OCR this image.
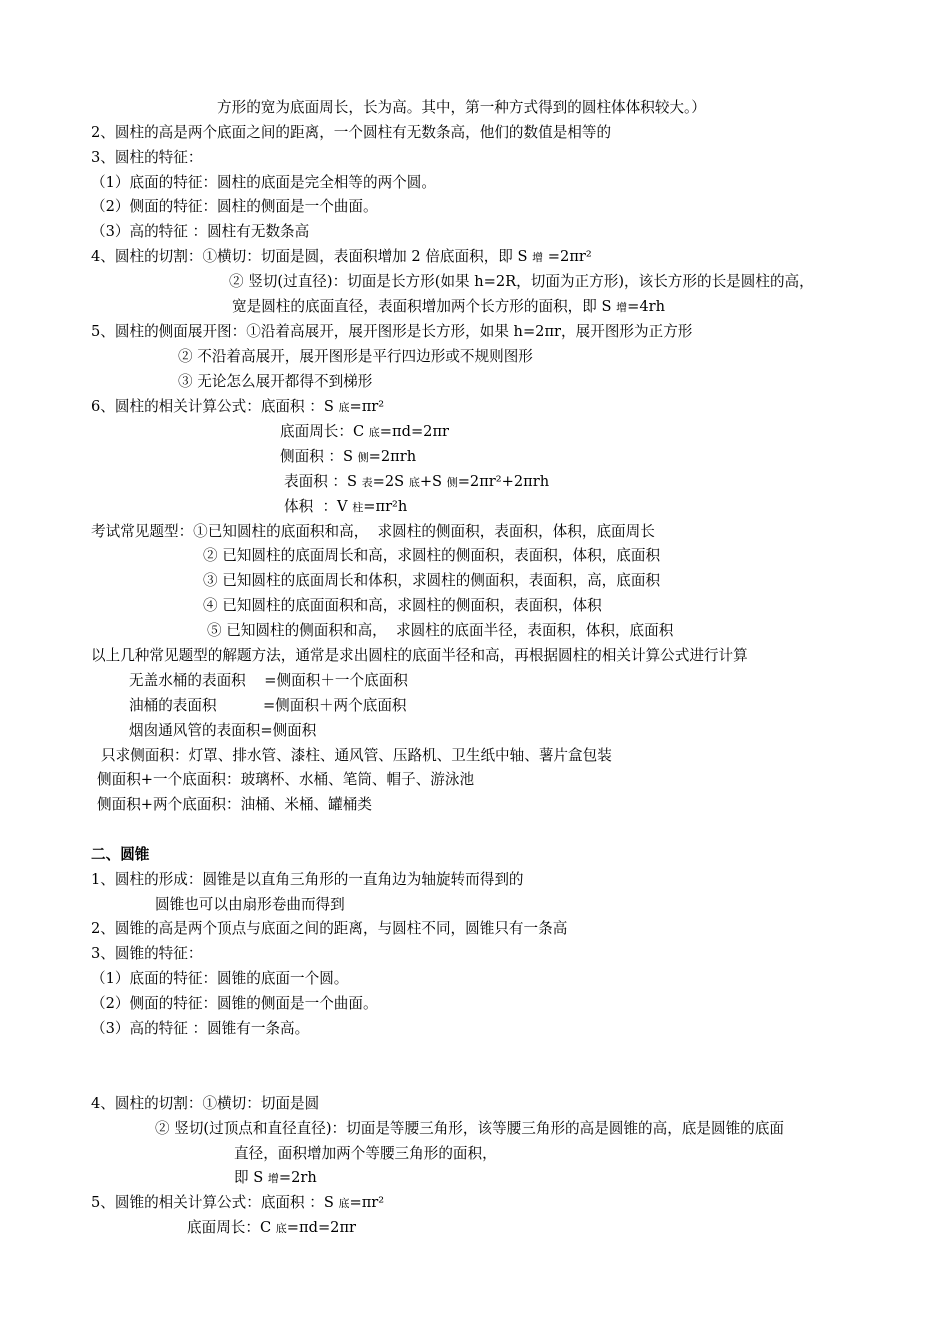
方形的宽为底面周长，长为高。其中，第一种方式得到的圆柱体体积较大。）
2、圆柱的高是两个底面之间的距离，一个圆柱有无数条高，他们的数值是相等的
3、圆柱的特征：
（1）底面的特征：圆柱的底面是完全相等的两个圆。
（2）侧面的特征：圆柱的侧面是一个曲面。
（3）高的特征 ：圆柱有无数条高
4、圆柱的切割：①横切：切面是圆，表面积增加 2 倍底面积，即 S 增 =2πr²
② 竖切(过直径)：切面是长方形(如果 h=2R，切面为正方形)，该长方形的长是圆柱的高，
宽是圆柱的底面直径，表面积增加两个长方形的面积，即 S 增=4rh
5、圆柱的侧面展开图：①沿着高展开，展开图形是长方形，如果 h=2πr，展开图形为正方形
② 不沿着高展开，展开图形是平行四边形或不规则图形
③ 无论怎么展开都得不到梯形
6、圆柱的相关计算公式：底面积 ：S 底=πr²
底面周长：C 底=πd=2πr
侧面积 ：S 侧=2πrh
表面积 ：S 表=2S 底+S 侧=2πr²+2πrh
体积  ：V 柱=πr²h
考试常见题型：①已知圆柱的底面积和高，  求圆柱的侧面积，表面积，体积，底面周长
② 已知圆柱的底面周长和高，求圆柱的侧面积，表面积，体积，底面积
③ 已知圆柱的底面周长和体积，求圆柱的侧面积，表面积，高，底面积
④ 已知圆柱的底面面积和高，求圆柱的侧面积，表面积，体积
⑤ 已知圆柱的侧面积和高，  求圆柱的底面半径，表面积，体积，底面积
以上几种常见题型的解题方法，通常是求出圆柱的底面半径和高，再根据圆柱的相关计算公式进行计算
无盖水桶的表面积    =侧面积＋一个底面积
油桶的表面积          =侧面积＋两个底面积
烟囱通风管的表面积=侧面积
只求侧面积：灯罩、排水管、漆柱、通风管、压路机、卫生纸中轴、薯片盒包装
侧面积+一个底面积：玻璃杯、水桶、笔筒、帽子、游泳池
侧面积+两个底面积：油桶、米桶、罐桶类
二、圆锥
1、圆柱的形成：圆锥是以直角三角形的一直角边为轴旋转而得到的
圆锥也可以由扇形卷曲而得到
2、圆锥的高是两个顶点与底面之间的距离，与圆柱不同，圆锥只有一条高
3、圆锥的特征：
（1）底面的特征：圆锥的底面一个圆。
（2）侧面的特征：圆锥的侧面是一个曲面。
（3）高的特征 ：圆锥有一条高。
4、圆柱的切割：①横切：切面是圆
② 竖切(过顶点和直径直径)：切面是等腰三角形，该等腰三角形的高是圆锥的高，底是圆锥的底面
直径，面积增加两个等腰三角形的面积，
即 S 增=2rh
5、圆锥的相关计算公式：底面积 ：S 底=πr²
底面周长：C 底=πd=2πr
